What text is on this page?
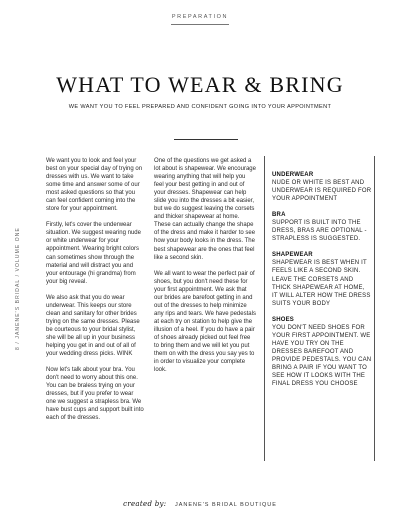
PREPARATION
8 / JANENE'S BRIDAL / VOLUME ONE
WHAT TO WEAR & BRING
WE WANT YOU TO FEEL PREPARED AND CONFIDENT GOING INTO YOUR APPOINTMENT

We want you to look and feel your best on your special day of trying on dresses with us. We want to take some time and answer some of our most asked questions so that you can feel confident coming into the store for your appointment.

Firstly, let's cover the underwear situation. We suggest wearing nude or white underwear for your appointment. Wearing bright colors can sometimes show through the material and will distract you and your entourage (hi grandma) from your big reveal.

We also ask that you do wear underwear. This keeps our store clean and sanitary for other brides trying on the same dresses. Please be courteous to your bridal stylist, she will be all up in your business helping you get in and out of all of your wedding dress picks. WINK

Now let's talk about your bra. You don't need to worry about this one. You can be braless trying on your dresses, but if you prefer to wear one we suggest a strapless bra. We have bust cups and support built into each of the dresses.

One of the questions we get asked a lot about is shapewear. We encourage wearing anything that will help you feel your best getting in and out of your dresses. Shapewear can help slide you into the dresses a bit easier, but we do suggest leaving the corsets and thicker shapewear at home. These can actually change the shape of the dress and make it harder to see how your body looks in the dress. The best shapewear are the ones that feel like a second skin.

We all want to wear the perfect pair of shoes, but you don't need these for your first appointment. We ask that our brides are barefoot getting in and out of the dresses to help minimize any rips and tears. We have pedestals at each try on station to help give the illusion of a heel. If you do have a pair of shoes already picked out feel free to bring them and we will let you put them on with the dress you say yes to in order to visualize your complete look.

UNDERWEAR
NUDE OR WHITE IS BEST AND UNDERWEAR IS REQUIRED FOR YOUR APPOINTMENT
BRA
SUPPORT IS BUILT INTO THE DRESS, BRAS ARE OPTIONAL - STRAPLESS IS SUGGESTED.
SHAPEWEAR
SHAPEWEAR IS BEST WHEN IT FEELS LIKE A SECOND SKIN. LEAVE THE CORSETS AND THICK SHAPEWEAR AT HOME, IT WILL ALTER HOW THE DRESS SUITS YOUR BODY
SHOES
YOU DON'T NEED SHOES FOR YOUR FIRST APPOINTMENT. WE HAVE YOU TRY ON THE DRESSES BAREFOOT AND PROVIDE PEDESTALS. YOU CAN BRING A PAIR IF YOU WANT TO SEE HOW IT LOOKS WITH THE FINAL DRESS YOU CHOOSE
created by: JANENE'S BRIDAL BOUTIQUE
